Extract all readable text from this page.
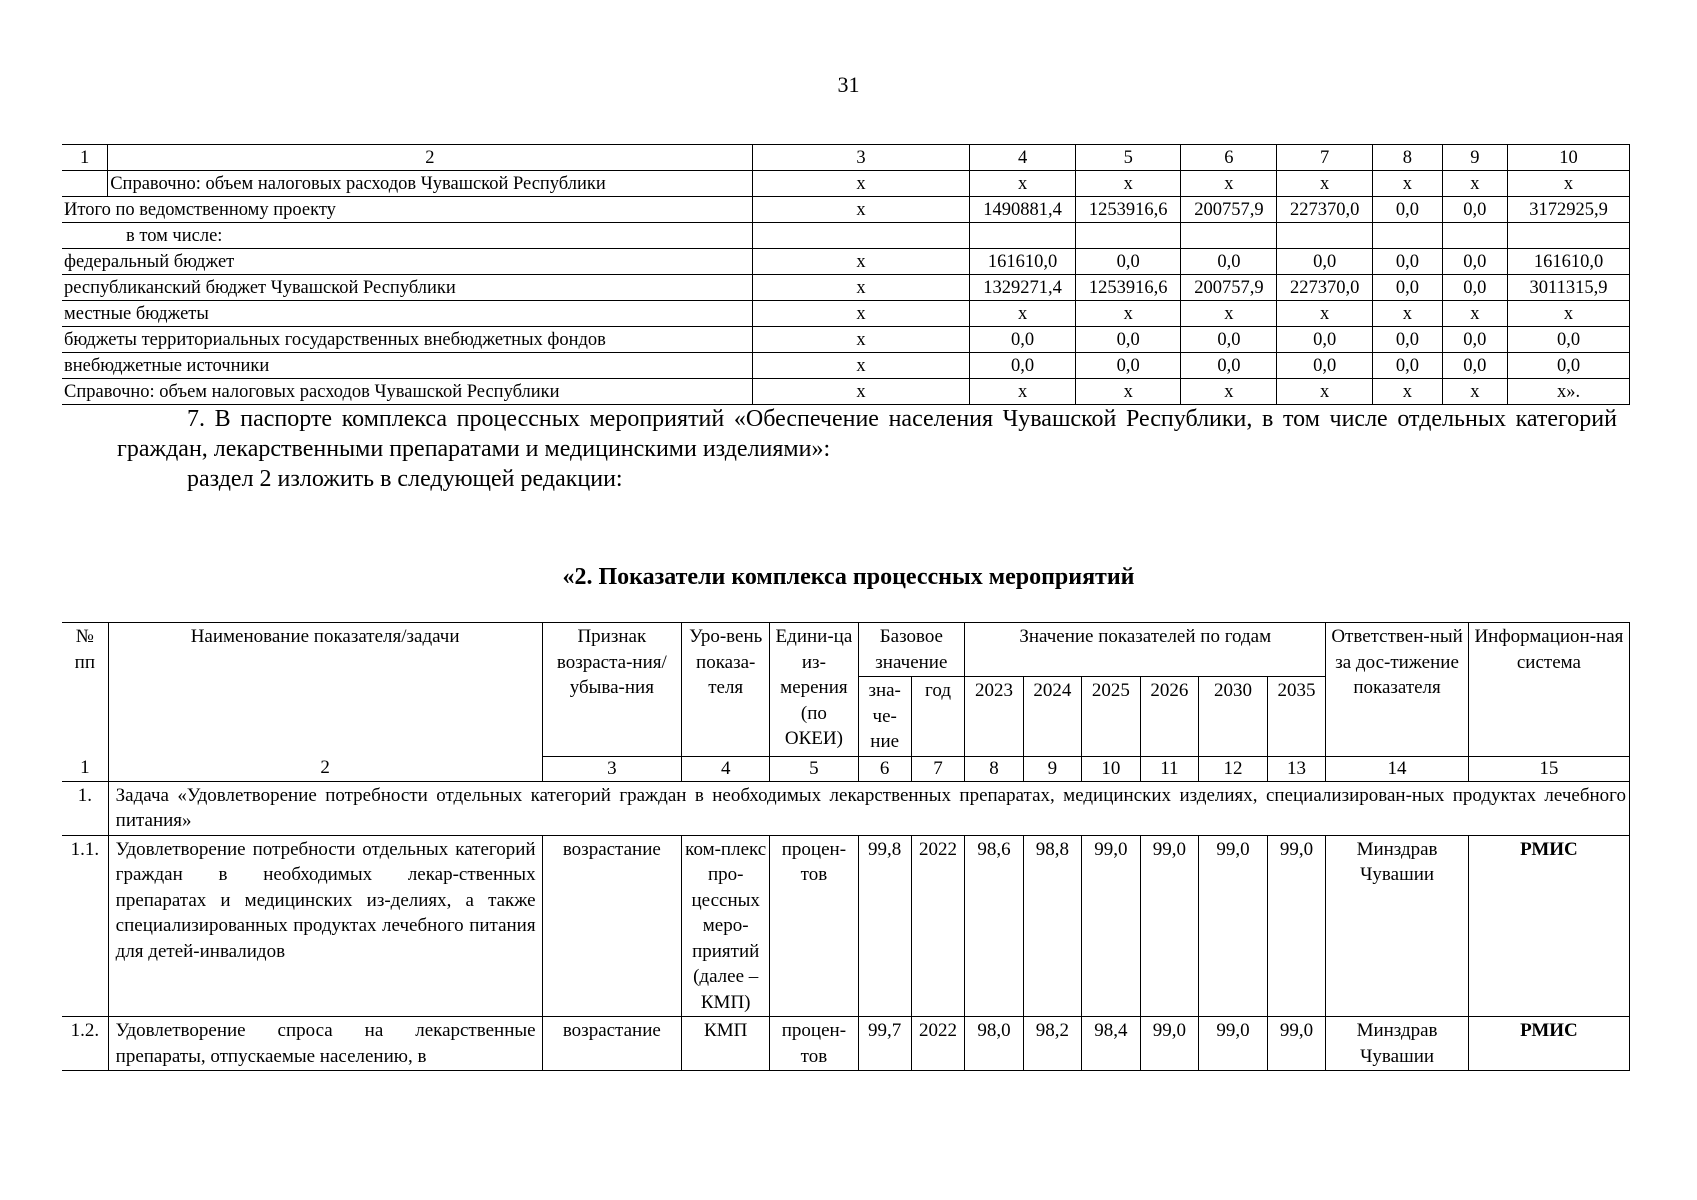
31
1	2	3	4	5	6	7	8	9	10
	Справочно: объем налоговых расходов Чувашской Республики	х	х	х	х	х	х	х	х
Итого по ведомственному проекту		х	1490881,4	1253916,6	200757,9	227370,0	0,0	0,0	3172925,9
в том числе:									
федеральный бюджет		х	161610,0	0,0	0,0	0,0	0,0	0,0	161610,0
республиканский бюджет Чувашской Республики		х	1329271,4	1253916,6	200757,9	227370,0	0,0	0,0	3011315,9
местные бюджеты		х	х	х	х	х	х	х	х
бюджеты территориальных государственных внебюджетных фондов		х	0,0	0,0	0,0	0,0	0,0	0,0	0,0
внебюджетные источники		х	0,0	0,0	0,0	0,0	0,0	0,0	0,0
Справочно: объем налоговых расходов Чувашской Республики		х	х	х	х	х	х	х	х».
7. В паспорте комплекса процессных мероприятий «Обеспечение населения Чувашской Республики, в том числе отдельных категорий граждан, лекарственными препаратами и медицинскими изделиями»:
раздел 2 изложить в следующей редакции:
«2. Показатели комплекса процессных мероприятий
№ пп	Наименование показателя/задачи	Признак возраста-ния/убыва-ния	Уро-вень показа-теля	Едини-ца из-мерения (по ОКЕИ)	Базовое значение		Значение показателей по годам						Ответствен-ный за дос-тижение показателя	Информацион-ная система
					зна-че-ние	год	2023	2024	2025	2026	2030	2035		
1	2	3	4	5	6	7	8	9	10	11	12	13	14	15
1.	Задача «Удовлетворение потребности отдельных категорий граждан в необходимых лекарственных препаратах, медицинских изделиях, специализирован-ных продуктах лечебного питания»													
1.1.	Удовлетворение потребности отдельных категорий граждан в необходимых лекар-ственных препаратах и медицинских из-делиях, а также специализированных продуктах лечебного питания для детей-инвалидов	возрастание	ком-плекс про-цессных меро-приятий (далее – КМП)	процен-тов	99,8	2022	98,6	98,8	99,0	99,0	99,0	99,0	Минздрав Чувашии	РМИС
1.2.	Удовлетворение спроса на лекарственные препараты, отпускаемые населению, в	возрастание	КМП	процен-тов	99,7	2022	98,0	98,2	98,4	99,0	99,0	99,0	Минздрав Чувашии	РМИС
